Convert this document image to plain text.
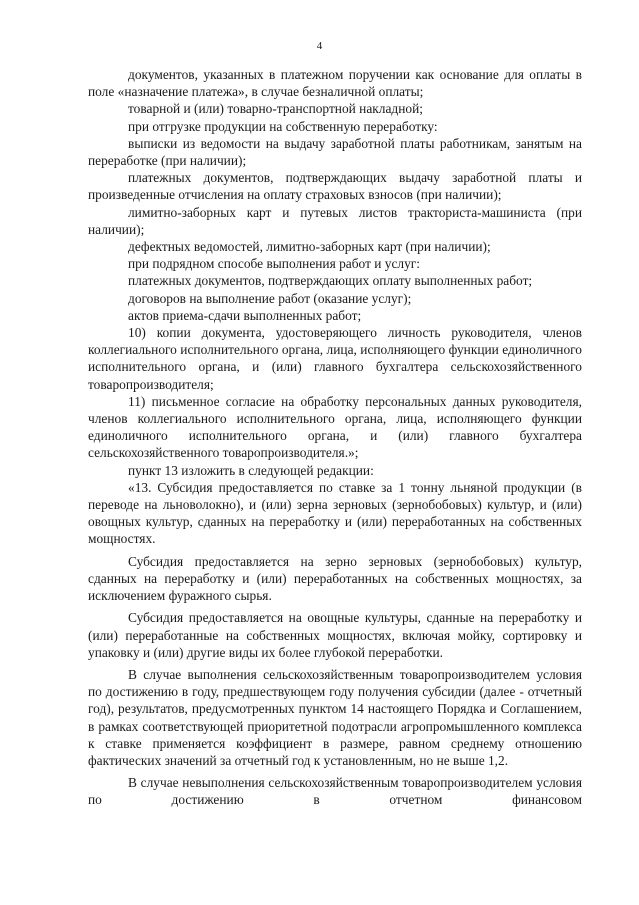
4

документов, указанных в платежном поручении как основание для оплаты в поле «назначение платежа», в случае безналичной оплаты;

товарной и (или) товарно-транспортной накладной;

при отгрузке продукции на собственную переработку:

выписки из ведомости на выдачу заработной платы работникам, занятым на переработке (при наличии);

платежных документов, подтверждающих выдачу заработной платы и произведенные отчисления на оплату страховых взносов (при наличии);

лимитно-заборных карт и путевых листов тракториста-машиниста (при наличии);

дефектных ведомостей, лимитно-заборных карт (при наличии);

при подрядном способе выполнения работ и услуг:

платежных документов, подтверждающих оплату выполненных работ;

договоров на выполнение работ (оказание услуг);

актов приема-сдачи выполненных работ;

10) копии документа, удостоверяющего личность руководителя, членов коллегиального исполнительного органа, лица, исполняющего функции единоличного исполнительного органа, и (или) главного бухгалтера сельскохозяйственного товаропроизводителя;

11) письменное согласие на обработку персональных данных руководителя, членов коллегиального исполнительного органа, лица, исполняющего функции единоличного исполнительного органа, и (или) главного бухгалтера сельскохозяйственного товаропроизводителя.»;

пункт 13 изложить в следующей редакции:

«13. Субсидия предоставляется по ставке за 1 тонну льняной продукции (в переводе на льноволокно), и (или) зерна зерновых (зернобобовых) культур, и (или) овощных культур, сданных на переработку и (или) переработанных на собственных мощностях.

Субсидия предоставляется на зерно зерновых (зернобобовых) культур, сданных на переработку и (или) переработанных на собственных мощностях, за исключением фуражного сырья.

Субсидия предоставляется на овощные культуры, сданные на переработку и (или) переработанные на собственных мощностях, включая мойку, сортировку и упаковку и (или) другие виды их более глубокой переработки.

В случае выполнения сельскохозяйственным товаропроизводителем условия по достижению в году, предшествующем году получения субсидии (далее - отчетный год), результатов, предусмотренных пунктом 14 настоящего Порядка и Соглашением, в рамках соответствующей приоритетной подотрасли агропромышленного комплекса к ставке применяется коэффициент в размере, равном среднему отношению фактических значений за отчетный год к установленным, но не выше 1,2.

В случае невыполнения сельскохозяйственным товаропроизводителем условия по достижению в отчетном финансовом
